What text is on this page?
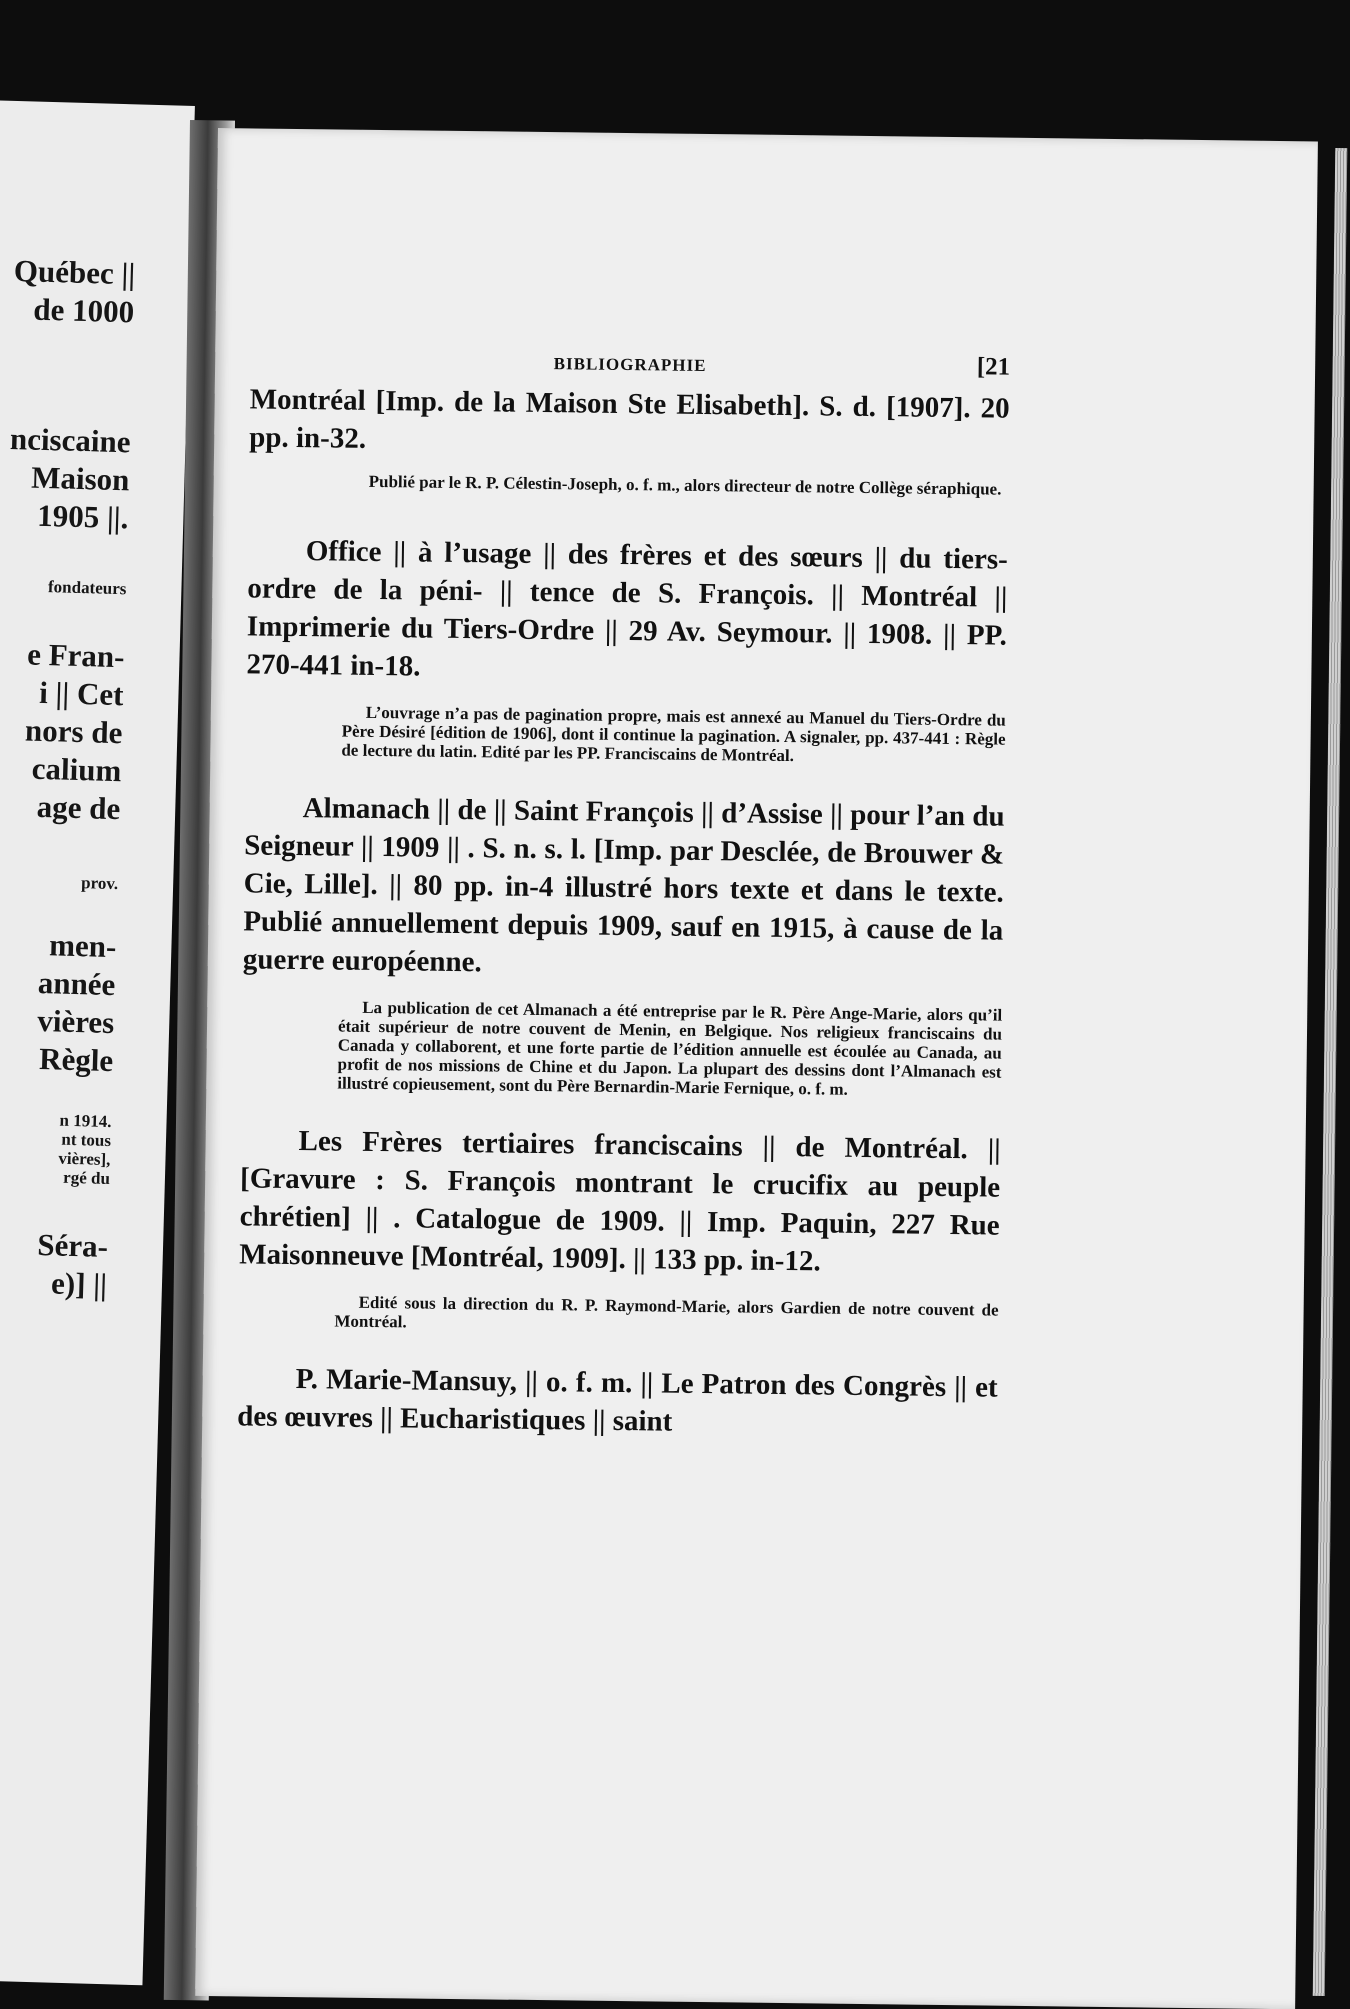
Québec ||
de 1000
nciscaine
Maison
1905 ||.
fondateurs
e Fran-
i || Cet
nors de
calium
age de
prov.
men-
année
vières
Règle
n 1914.
nt tous
vières],
rgé du
Séra-
e)] ||
BIBLIOGRAPHIE	[21

Montréal [Imp. de la Maison Ste Elisabeth]. S. d. [1907]. 20 pp. in-32.

Publié par le R. P. Célestin-Joseph, o. f. m., alors directeur de notre Collège séraphique.

Office || à l’usage || des frères et des sœurs || du tiers-ordre de la péni- || tence de S. François. || Montréal || Imprimerie du Tiers-Ordre || 29 Av. Seymour. || 1908. || PP. 270-441 in-18.

L’ouvrage n’a pas de pagination propre, mais est annexé au Manuel du Tiers-Ordre du Père Désiré [édition de 1906], dont il continue la pagination. A signaler, pp. 437-441 : Règle de lecture du latin. Edité par les PP. Franciscains de Montréal.

Almanach || de || Saint François || d’Assise || pour l’an du Seigneur || 1909 || . S. n. s. l. [Imp. par Desclée, de Brouwer & Cie, Lille]. || 80 pp. in-4 illustré hors texte et dans le texte. Publié annuellement depuis 1909, sauf en 1915, à cause de la guerre européenne.

La publication de cet Almanach a été entreprise par le R. Père Ange-Marie, alors qu’il était supérieur de notre couvent de Menin, en Belgique. Nos religieux franciscains du Canada y collaborent, et une forte partie de l’édition annuelle est écoulée au Canada, au profit de nos missions de Chine et du Japon. La plupart des dessins dont l’Almanach est illustré copieusement, sont du Père Bernardin-Marie Fernique, o. f. m.

Les Frères tertiaires franciscains || de Montréal. || [Gravure : S. François montrant le crucifix au peuple chrétien] || . Catalogue de 1909. || Imp. Paquin, 227 Rue Maisonneuve [Montréal, 1909]. || 133 pp. in-12.

Edité sous la direction du R. P. Raymond-Marie, alors Gardien de notre couvent de Montréal.

P. Marie-Mansuy, || o. f. m. || Le Patron des Congrès || et des œuvres || Eucharistiques || saint
